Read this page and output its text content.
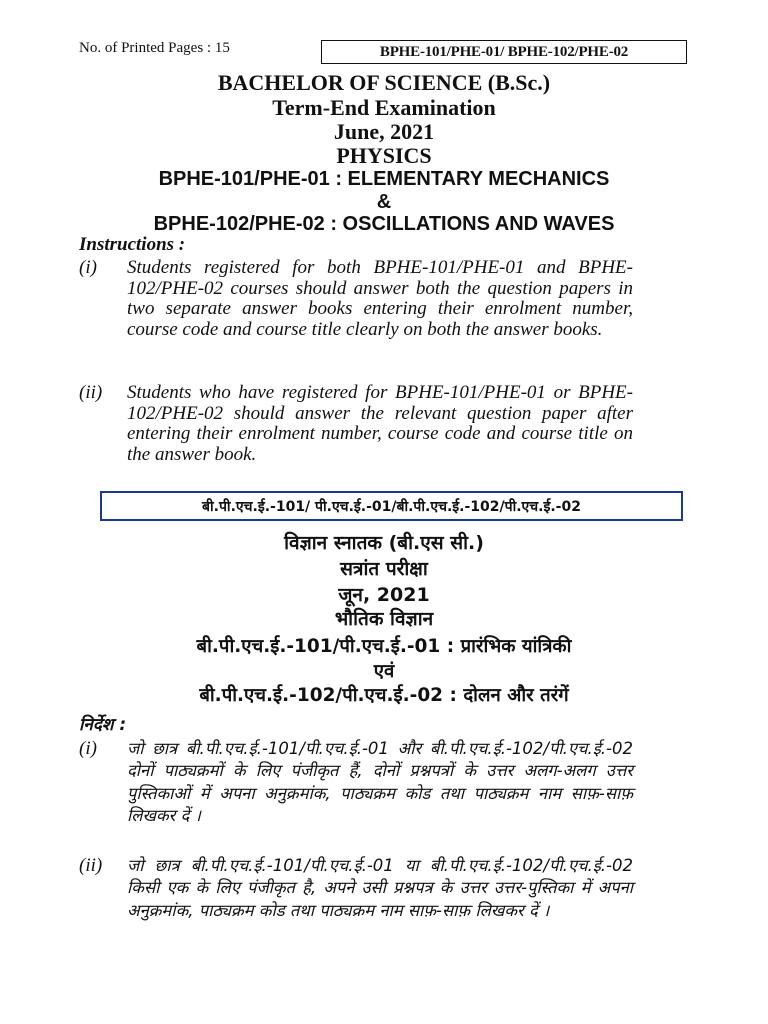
No. of Printed Pages : 15	BPHE-101/PHE-01/ BPHE-102/PHE-02
BACHELOR OF SCIENCE (B.Sc.)
Term-End Examination
June, 2021
PHYSICS
BPHE-101/PHE-01 : ELEMENTARY MECHANICS
&
BPHE-102/PHE-02 : OSCILLATIONS AND WAVES
Instructions :
(i) Students registered for both BPHE-101/PHE-01 and BPHE-102/PHE-02 courses should answer both the question papers in two separate answer books entering their enrolment number, course code and course title clearly on both the answer books.
(ii) Students who have registered for BPHE-101/PHE-01 or BPHE-102/PHE-02 should answer the relevant question paper after entering their enrolment number, course code and course title on the answer book.
बी.पी.एच.ई.-101/ पी.एच.ई.-01/बी.पी.एच.ई.-102/पी.एच.ई.-02
विज्ञान स्नातक (बी.एस सी.)
सत्रांत परीक्षा
जून, 2021
भौतिक विज्ञान
बी.पी.एच.ई.-101/पी.एच.ई.-01 : प्रारंभिक यांत्रिकी
एवं
बी.पी.एच.ई.-102/पी.एच.ई.-02 : दोलन और तरंगें
निर्देश :
(i) जो छात्र बी.पी.एच.ई.-101/पी.एच.ई.-01 और बी.पी.एच.ई.-102/पी.एच.ई.-02 दोनों पाठ्यक्रमों के लिए पंजीकृत हैं, दोनों प्रश्नपत्रों के उत्तर अलग-अलग उत्तर पुस्तिकाओं में अपना अनुक्रमांक, पाठ्यक्रम कोड तथा पाठ्यक्रम नाम साफ़-साफ़ लिखकर दें ।
(ii) जो छात्र बी.पी.एच.ई.-101/पी.एच.ई.-01 या बी.पी.एच.ई.-102/पी.एच.ई.-02 किसी एक के लिए पंजीकृत है, अपने उसी प्रश्नपत्र के उत्तर उत्तर-पुस्तिका में अपना अनुक्रमांक, पाठ्यक्रम कोड तथा पाठ्यक्रम नाम साफ़-साफ़ लिखकर दें ।
